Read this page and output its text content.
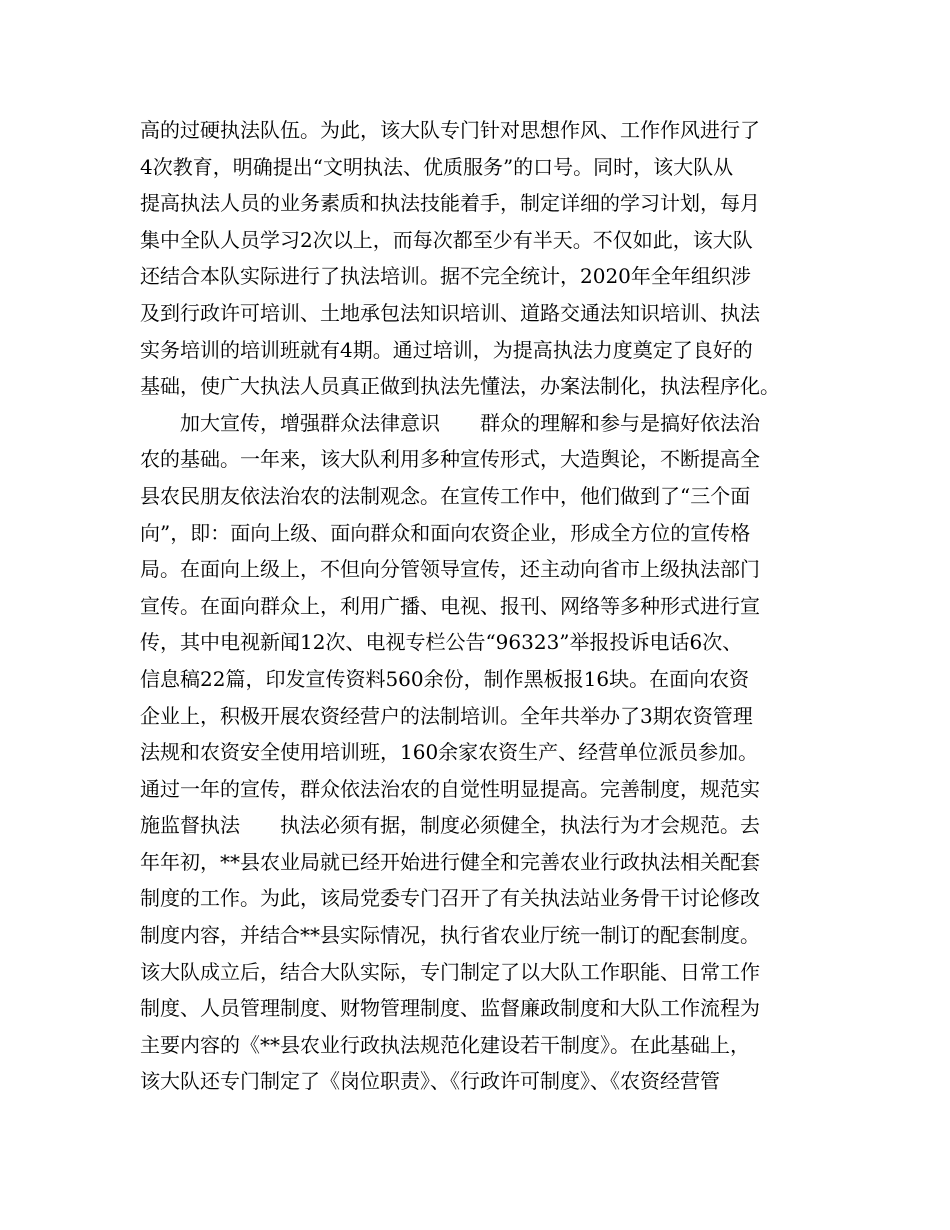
高的过硬执法队伍。为此，该大队专门针对思想作风、工作作风进行了
4次教育，明确提出“文明执法、优质服务”的口号。同时，该大队从
提高执法人员的业务素质和执法技能着手，制定详细的学习计划，每月
集中全队人员学习2次以上，而每次都至少有半天。不仅如此，该大队
还结合本队实际进行了执法培训。据不完全统计，2020年全年组织涉
及到行政许可培训、土地承包法知识培训、道路交通法知识培训、执法
实务培训的培训班就有4期。通过培训，为提高执法力度奠定了良好的
基础，使广大执法人员真正做到执法先懂法，办案法制化，执法程序化。
加大宣传，增强群众法律意识　　群众的理解和参与是搞好依法治
农的基础。一年来，该大队利用多种宣传形式，大造舆论，不断提高全
县农民朋友依法治农的法制观念。在宣传工作中，他们做到了“三个面
向”，即：面向上级、面向群众和面向农资企业，形成全方位的宣传格
局。在面向上级上，不但向分管领导宣传，还主动向省市上级执法部门
宣传。在面向群众上，利用广播、电视、报刊、网络等多种形式进行宣
传，其中电视新闻12次、电视专栏公告“96323”举报投诉电话6次、
信息稿22篇，印发宣传资料560余份，制作黑板报16块。在面向农资
企业上，积极开展农资经营户的法制培训。全年共举办了3期农资管理
法规和农资安全使用培训班，160余家农资生产、经营单位派员参加。
通过一年的宣传，群众依法治农的自觉性明显提高。完善制度，规范实
施监督执法　　执法必须有据，制度必须健全，执法行为才会规范。去
年年初，**县农业局就已经开始进行健全和完善农业行政执法相关配套
制度的工作。为此，该局党委专门召开了有关执法站业务骨干讨论修改
制度内容，并结合**县实际情况，执行省农业厅统一制订的配套制度。
该大队成立后，结合大队实际，专门制定了以大队工作职能、日常工作
制度、人员管理制度、财物管理制度、监督廉政制度和大队工作流程为
主要内容的《**县农业行政执法规范化建设若干制度》。在此基础上，
该大队还专门制定了《岗位职责》、《行政许可制度》、《农资经营管
